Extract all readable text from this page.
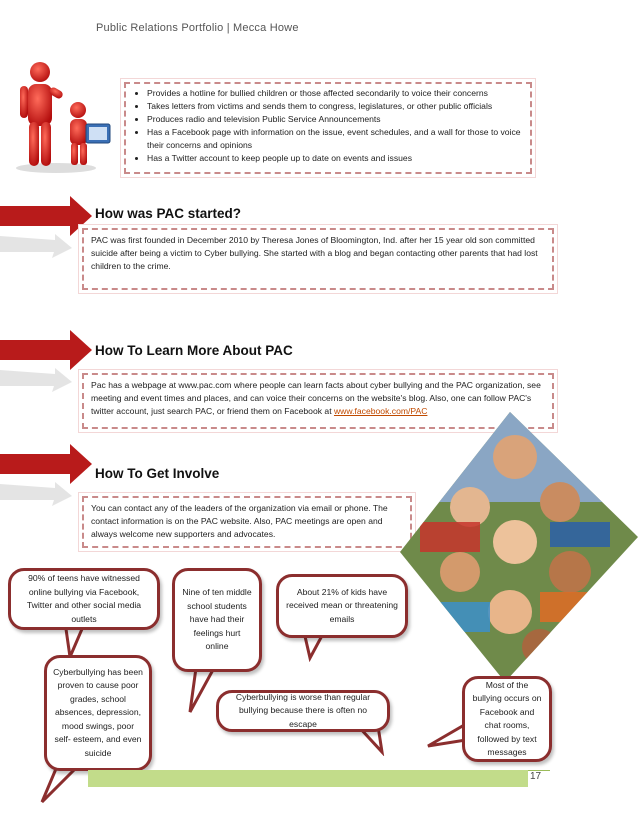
Public Relations Portfolio | Mecca Howe
• Provides a hotline for bullied children or those affected secondarily to voice their concerns
• Takes letters from victims and sends them to congress, legislatures, or other public officials
• Produces radio and television Public Service Announcements
• Has a Facebook page with information on the issue, event schedules, and a wall for those to voice their concerns and opinions
• Has a Twitter account to keep people up to date on events and issues
How was PAC started?
PAC was first founded in December 2010 by Theresa Jones of Bloomington, Ind. after her 15 year old son committed suicide after being a victim to Cyber bullying. She started with a blog and began contacting other parents that had lost children to the crime.
How To Learn More About PAC
Pac has a webpage at www.pac.com where people can learn facts about cyber bullying and the PAC organization, see meeting and event times and places, and can voice their concerns on the website's blog. Also, one can follow PAC's twitter account, just search PAC, or friend them on Facebook at www.facebook.com/PAC
How To Get Involve
You can contact any of the leaders of the organization via email or phone. The contact information is on the PAC website. Also, PAC meetings are open and always welcome new supporters and advocates.
90% of teens have witnessed online bullying via Facebook, Twitter and other social media outlets
Nine of ten middle school students have had their feelings hurt online
About 21% of kids have received mean or threatening emails
Cyberbullying has been proven to cause poor grades, school absences, depression, mood swings, poor self- esteem, and even suicide
Cyberbullying is worse than regular bullying because there is often no escape
Most of the bullying occurs on Facebook and chat rooms, followed by text messages
17
